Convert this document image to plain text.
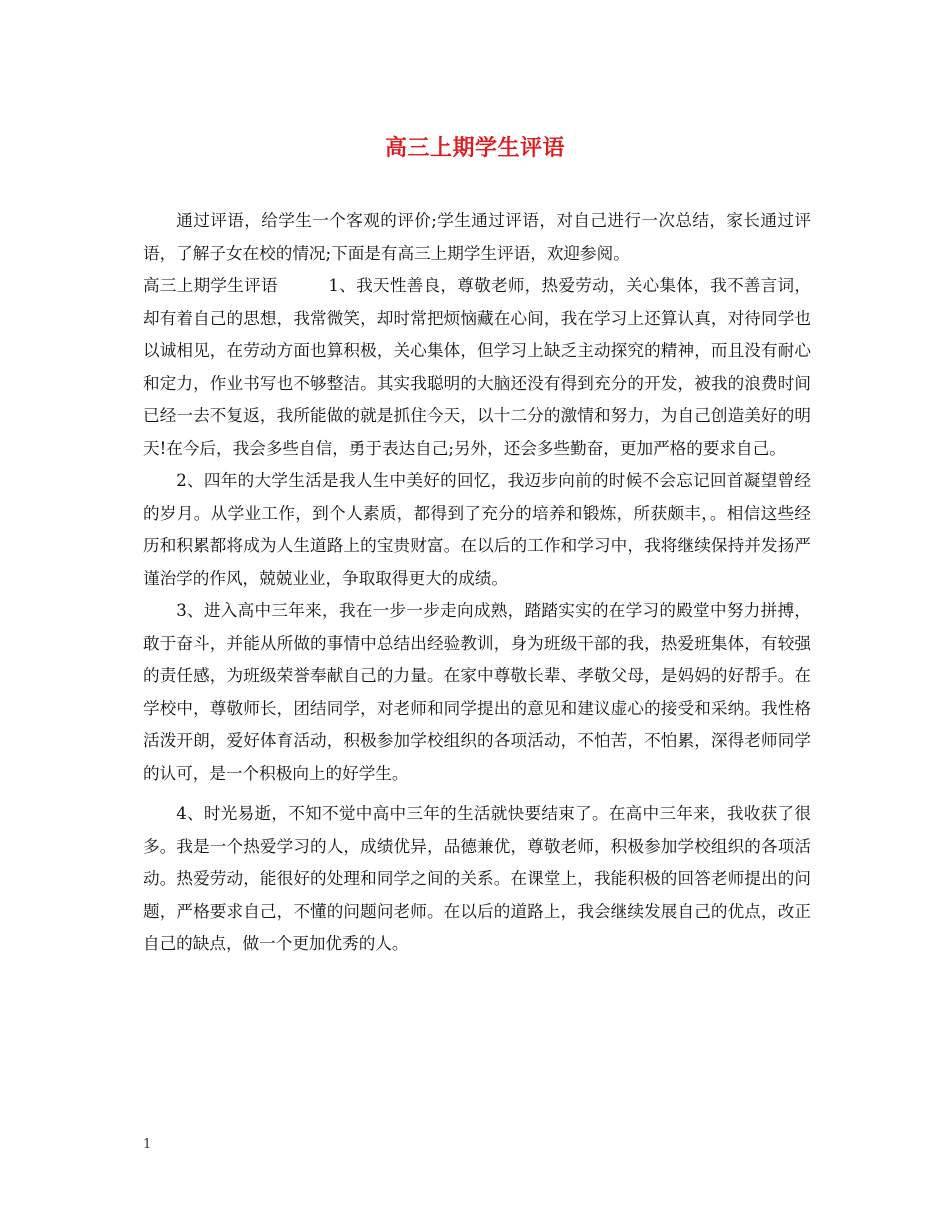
高三上期学生评语

通过评语，给学生一个客观的评价;学生通过评语，对自己进行一次总结，家长通过评语，了解子女在校的情况;下面是有高三上期学生评语，欢迎参阅。

高三上期学生评语　　　1、我天性善良，尊敬老师，热爱劳动，关心集体，我不善言词，却有着自己的思想，我常微笑，却时常把烦恼藏在心间，我在学习上还算认真，对待同学也以诚相见，在劳动方面也算积极，关心集体，但学习上缺乏主动探究的精神，而且没有耐心和定力，作业书写也不够整洁。其实我聪明的大脑还没有得到充分的开发，被我的浪费时间已经一去不复返，我所能做的就是抓住今天，以十二分的激情和努力，为自己创造美好的明天!在今后，我会多些自信，勇于表达自己;另外，还会多些勤奋，更加严格的要求自己。

2、四年的大学生活是我人生中美好的回忆，我迈步向前的时候不会忘记回首凝望曾经的岁月。从学业工作，到个人素质，都得到了充分的培养和锻炼，所获颇丰，。相信这些经历和积累都将成为人生道路上的宝贵财富。在以后的工作和学习中，我将继续保持并发扬严谨治学的作风，兢兢业业，争取取得更大的成绩。

3、进入高中三年来，我在一步一步走向成熟，踏踏实实的在学习的殿堂中努力拼搏，敢于奋斗，并能从所做的事情中总结出经验教训，身为班级干部的我，热爱班集体，有较强的责任感，为班级荣誉奉献自己的力量。在家中尊敬长辈、孝敬父母，是妈妈的好帮手。在学校中，尊敬师长，团结同学，对老师和同学提出的意见和建议虚心的接受和采纳。我性格活泼开朗，爱好体育活动，积极参加学校组织的各项活动，不怕苦，不怕累，深得老师同学的认可，是一个积极向上的好学生。

4、时光易逝，不知不觉中高中三年的生活就快要结束了。在高中三年来，我收获了很多。我是一个热爱学习的人，成绩优异，品德兼优，尊敬老师，积极参加学校组织的各项活动。热爱劳动，能很好的处理和同学之间的关系。在课堂上，我能积极的回答老师提出的问题，严格要求自己，不懂的问题问老师。在以后的道路上，我会继续发展自己的优点，改正自己的缺点，做一个更加优秀的人。

1
